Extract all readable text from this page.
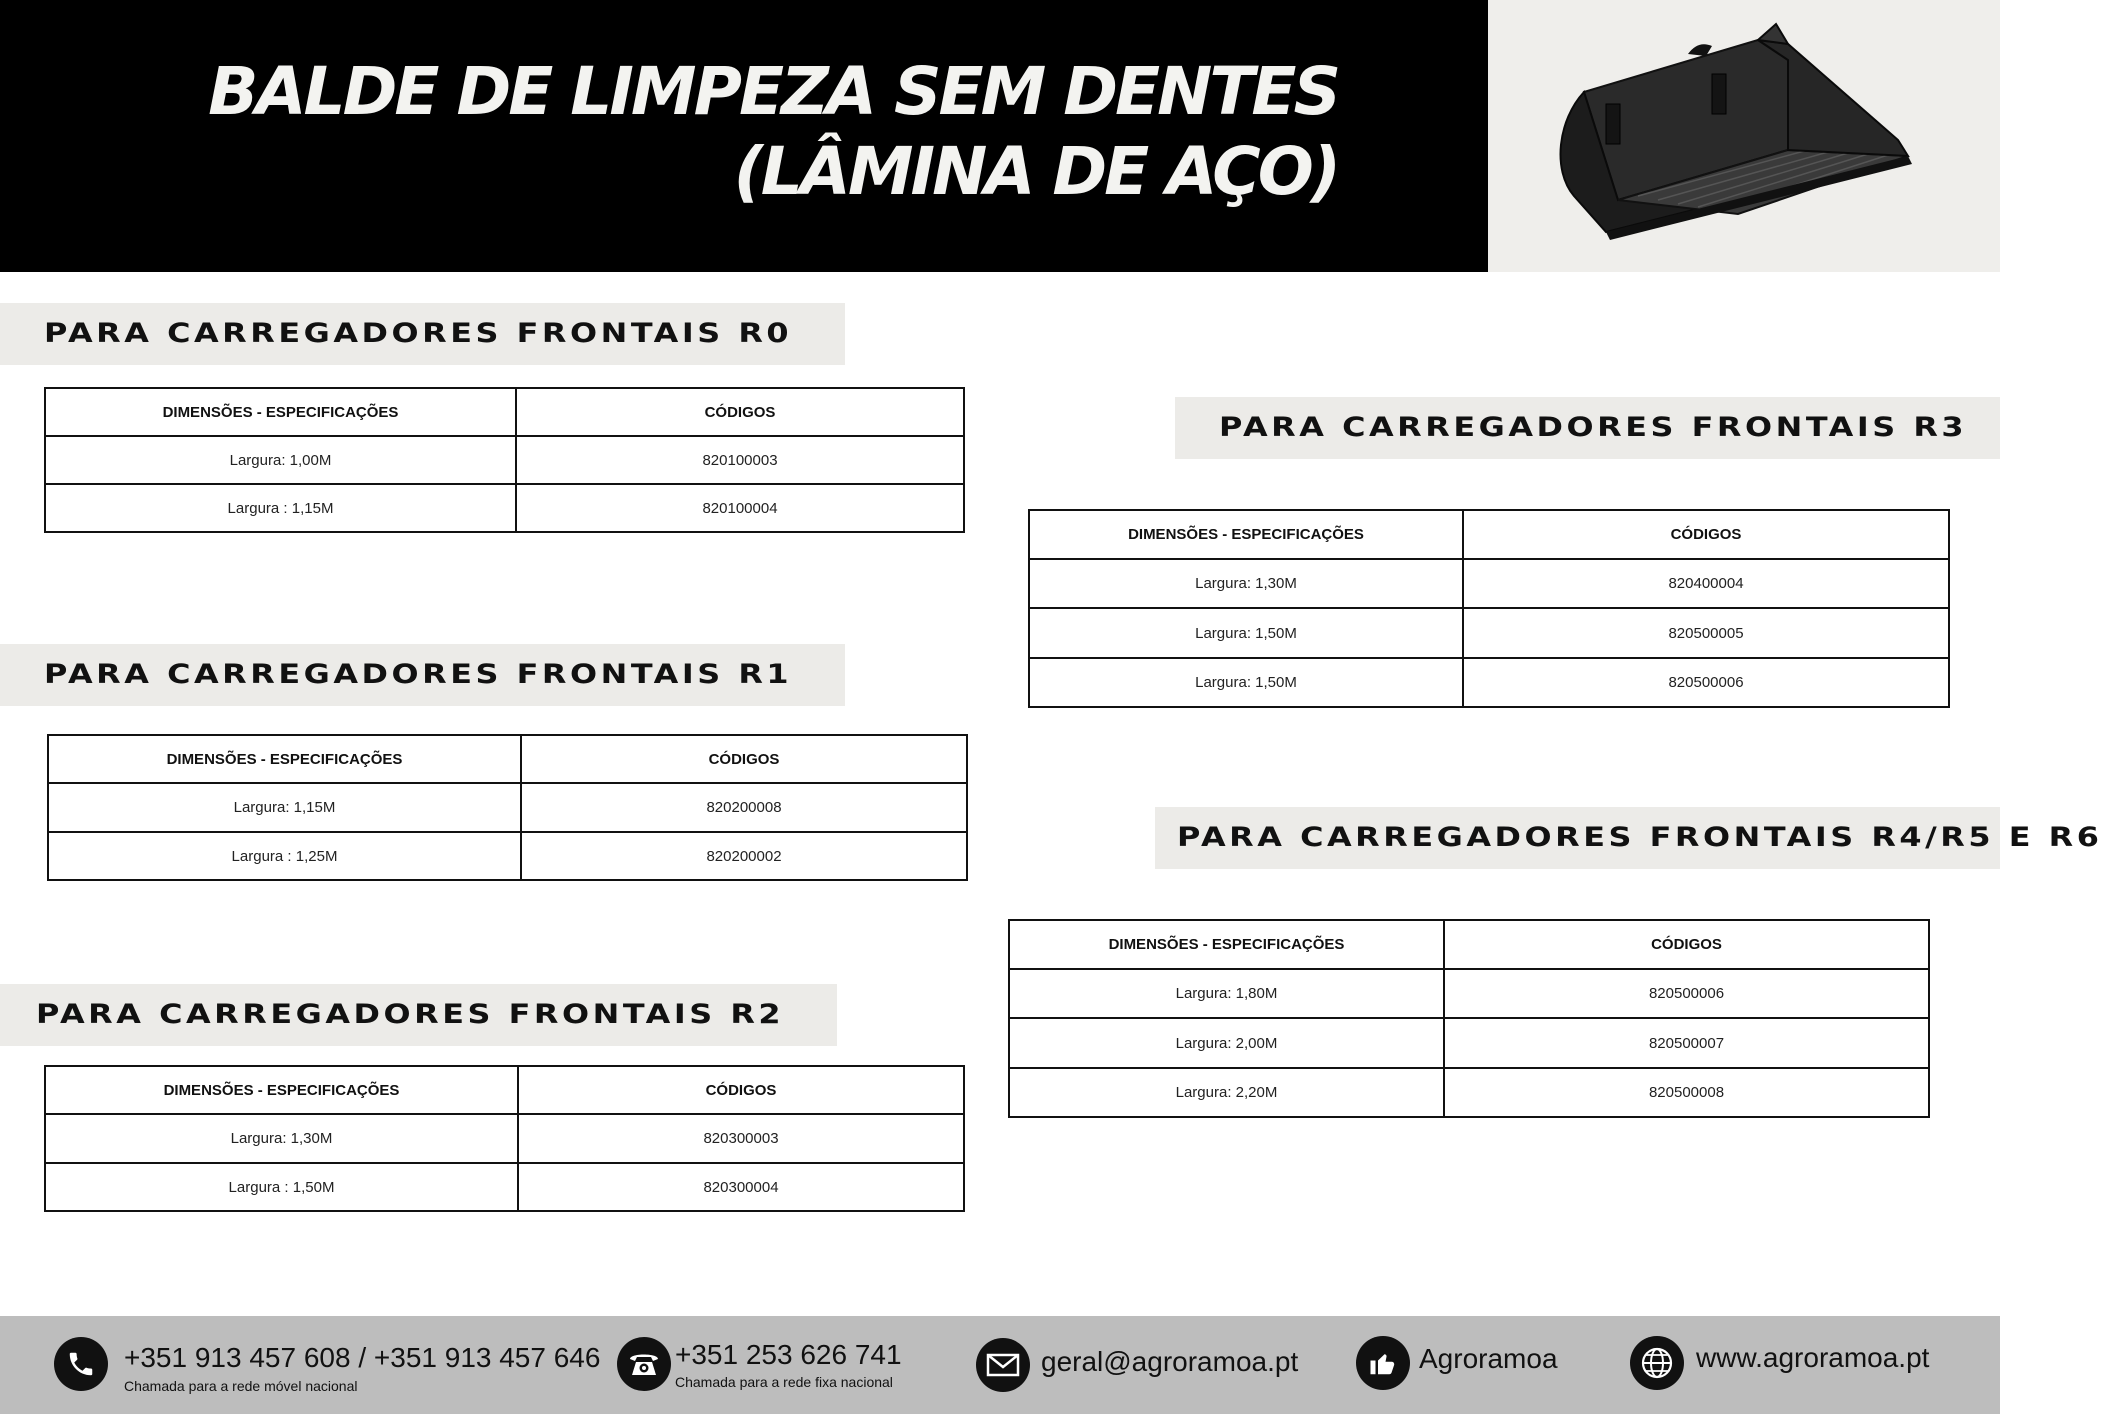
BALDE DE LIMPEZA SEM DENTES
(LÂMINA DE AÇO)
PARA CARREGADORES FRONTAIS R0
DIMENSÕES - ESPECIFICAÇÕES	CÓDIGOS
Largura: 1,00M	820100003
Largura : 1,15M	820100004
PARA CARREGADORES FRONTAIS R1
DIMENSÕES - ESPECIFICAÇÕES	CÓDIGOS
Largura: 1,15M	820200008
Largura : 1,25M	820200002
PARA CARREGADORES FRONTAIS R2
DIMENSÕES - ESPECIFICAÇÕES	CÓDIGOS
Largura: 1,30M	820300003
Largura : 1,50M	820300004
PARA CARREGADORES FRONTAIS R3
DIMENSÕES - ESPECIFICAÇÕES	CÓDIGOS
Largura: 1,30M	820400004
Largura: 1,50M	820500005
Largura: 1,50M	820500006
PARA CARREGADORES FRONTAIS R4/R5 E R6
DIMENSÕES - ESPECIFICAÇÕES	CÓDIGOS
Largura: 1,80M	820500006
Largura: 2,00M	820500007
Largura: 2,20M	820500008
+351 913 457 608 / +351 913 457 646
Chamada para a rede móvel nacional
+351 253 626 741
Chamada para a rede fixa nacional
geral@agroramoa.pt	Agroramoa	www.agroramoa.pt
